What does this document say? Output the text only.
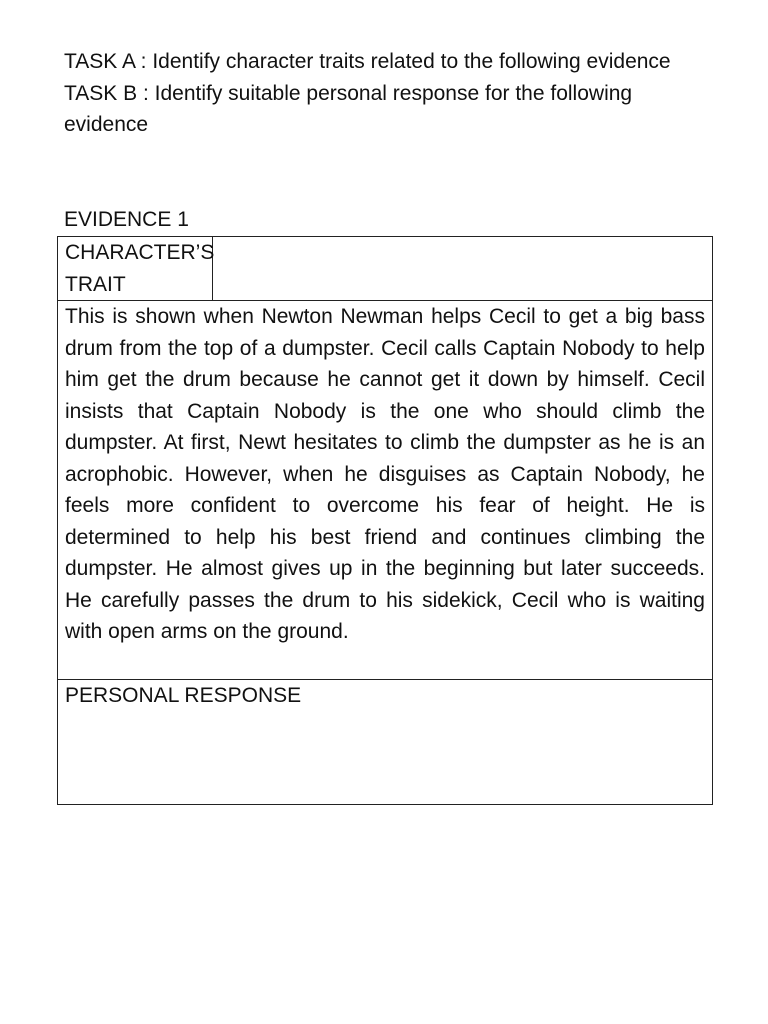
TASK A : Identify character traits related to the following evidence

TASK B : Identify suitable personal response for the following evidence

EVIDENCE 1
CHARACTER’S TRAIT	
This is shown when Newton Newman helps Cecil to get a big bass drum from the top of a dumpster. Cecil calls Captain Nobody to help him get the drum because he cannot get it down by himself. Cecil insists that Captain Nobody is the one who should climb the dumpster. At first, Newt hesitates to climb the dumpster as he is an acrophobic. However, when he disguises as Captain Nobody, he feels more confident to overcome his fear of height. He is determined to help his best friend and continues climbing the dumpster. He almost gives up in the beginning but later succeeds. He carefully passes the drum to his sidekick, Cecil who is waiting with open arms on the ground.
PERSONAL RESPONSE
